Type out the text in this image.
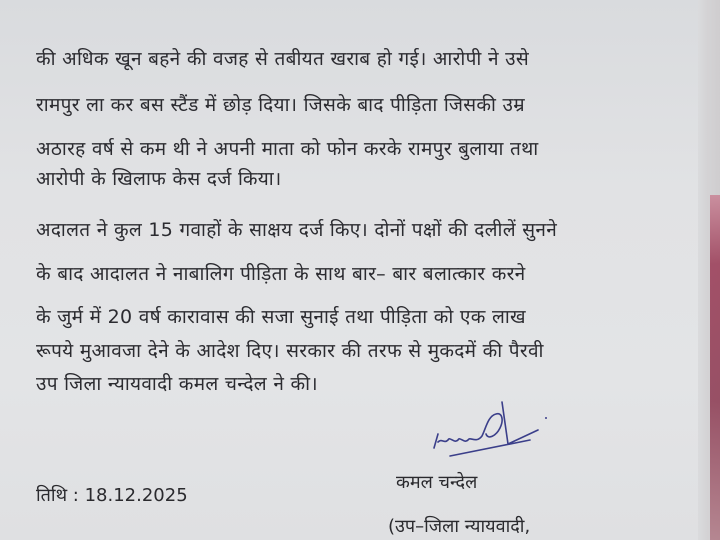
की अधिक खून बहने की वजह से तबीयत खराब हो गई। आरोपी ने उसे
रामपुर ला कर बस स्टैंड में छोड़ दिया। जिसके बाद पीड़िता जिसकी उम्र
अठारह वर्ष से कम थी ने अपनी माता को फोन करके रामपुर बुलाया तथा
आरोपी के खिलाफ केस दर्ज किया।
अदालत ने कुल 15 गवाहों के साक्षय दर्ज किए। दोनों पक्षों की दलीलें सुनने
के बाद आदालत ने नाबालिग पीड़िता के साथ बार– बार बलात्कार करने
के जुर्म में 20 वर्ष कारावास की सजा सुनाई तथा पीड़िता को एक लाख
रूपये मुआवजा देने के आदेश दिए। सरकार की तरफ से मुकदमें की पैरवी
उप जिला न्यायवादी कमल चन्देल ने की।
तिथि : 18.12.2025
कमल चन्देल
(उप–जिला न्यायवादी,
